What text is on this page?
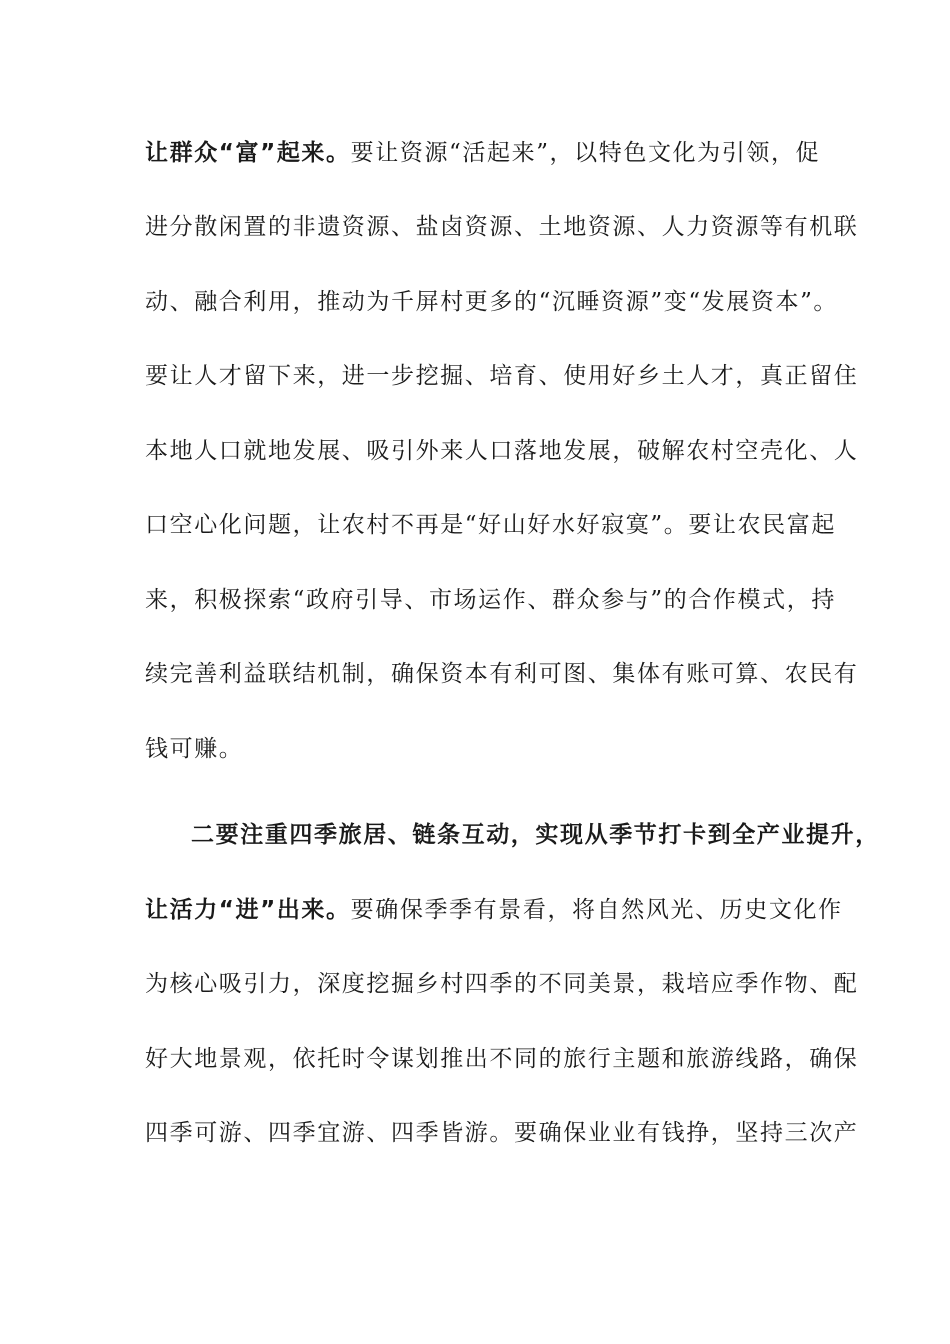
让群众“富”起来。要让资源“活起来”，以特色文化为引领，促
进分散闲置的非遗资源、盐卤资源、土地资源、人力资源等有机联
动、融合利用，推动为千屏村更多的“沉睡资源”变“发展资本”。
要让人才留下来，进一步挖掘、培育、使用好乡土人才，真正留住
本地人口就地发展、吸引外来人口落地发展，破解农村空壳化、人
口空心化问题，让农村不再是“好山好水好寂寞”。要让农民富起
来，积极探索“政府引导、市场运作、群众参与”的合作模式，持
续完善利益联结机制，确保资本有利可图、集体有账可算、农民有
钱可赚。
二要注重四季旅居、链条互动，实现从季节打卡到全产业提升，
让活力“进”出来。要确保季季有景看，将自然风光、历史文化作
为核心吸引力，深度挖掘乡村四季的不同美景，栽培应季作物、配
好大地景观，依托时令谋划推出不同的旅行主题和旅游线路，确保
四季可游、四季宜游、四季皆游。要确保业业有钱挣，坚持三次产
